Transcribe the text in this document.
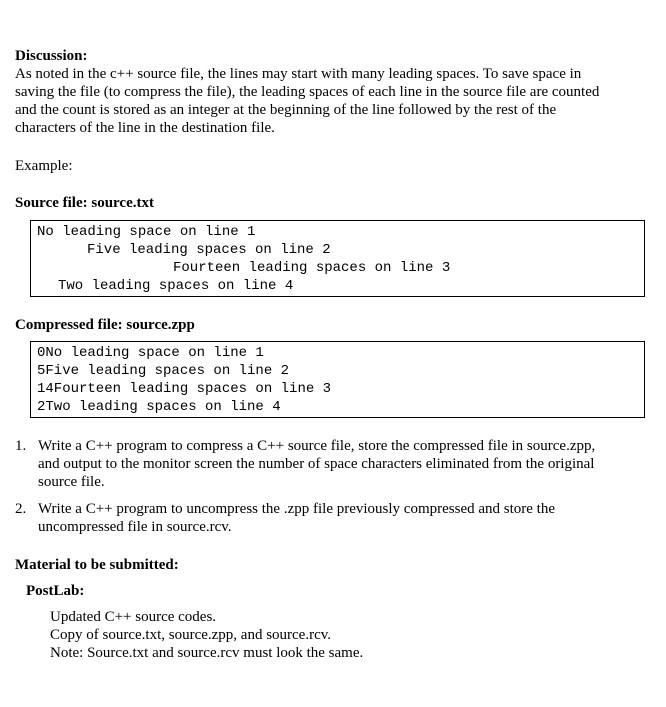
Discussion:
As noted in the c++ source file, the lines may start with many leading spaces. To save space in
saving the file (to compress the file), the leading spaces of each line in the source file are counted
and the count is stored as an integer at the beginning of the line followed by the rest of the
characters of the line in the destination file.
Example:
Source file: source.txt
No leading space on line 1
Five leading spaces on line 2
Fourteen leading spaces on line 3
Two leading spaces on line 4
Compressed file: source.zpp
0No leading space on line 1
5Five leading spaces on line 2
14Fourteen leading spaces on line 3
2Two leading spaces on line 4
1. Write a C++ program to compress a C++ source file, store the compressed file in source.zpp,
and output to the monitor screen the number of space characters eliminated from the original
source file.
2. Write a C++ program to uncompress the .zpp file previously compressed and store the
uncompressed file in source.rcv.
Material to be submitted:
PostLab:
Updated C++ source codes.
Copy of source.txt, source.zpp, and source.rcv.
Note: Source.txt and source.rcv must look the same.
